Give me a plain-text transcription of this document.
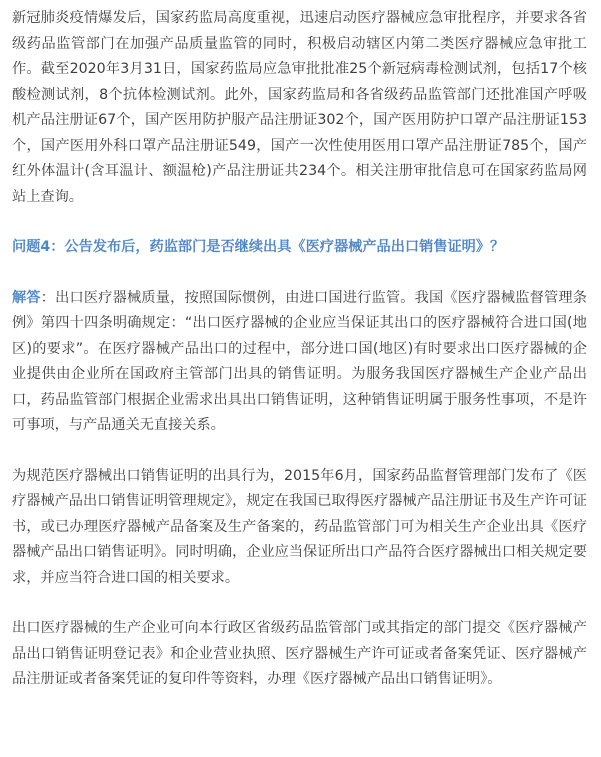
新冠肺炎疫情爆发后，国家药监局高度重视，迅速启动医疗器械应急审批程序，并要求各省级药品监管部门在加强产品质量监管的同时，积极启动辖区内第二类医疗器械应急审批工作。截至2020年3月31日，国家药监局应急审批批准25个新冠病毒检测试剂，包括17个核酸检测试剂，8个抗体检测试剂。此外，国家药监局和各省级药品监管部门还批准国产呼吸机产品注册证67个，国产医用防护服产品注册证302个，国产医用防护口罩产品注册证153个，国产医用外科口罩产品注册证549，国产一次性使用医用口罩产品注册证785个，国产红外体温计(含耳温计、额温枪)产品注册证共234个。相关注册审批信息可在国家药监局网站上查询。

问题4：公告发布后，药监部门是否继续出具《医疗器械产品出口销售证明》？

解答：出口医疗器械质量，按照国际惯例，由进口国进行监管。我国《医疗器械监督管理条例》第四十四条明确规定：“出口医疗器械的企业应当保证其出口的医疗器械符合进口国(地区)的要求”。在医疗器械产品出口的过程中，部分进口国(地区)有时要求出口医疗器械的企业提供由企业所在国政府主管部门出具的销售证明。为服务我国医疗器械生产企业产品出口，药品监管部门根据企业需求出具出口销售证明，这种销售证明属于服务性事项，不是许可事项，与产品通关无直接关系。

为规范医疗器械出口销售证明的出具行为，2015年6月，国家药品监督管理部门发布了《医疗器械产品出口销售证明管理规定》，规定在我国已取得医疗器械产品注册证书及生产许可证书，或已办理医疗器械产品备案及生产备案的，药品监管部门可为相关生产企业出具《医疗器械产品出口销售证明》。同时明确，企业应当保证所出口产品符合医疗器械出口相关规定要求，并应当符合进口国的相关要求。

出口医疗器械的生产企业可向本行政区省级药品监管部门或其指定的部门提交《医疗器械产品出口销售证明登记表》和企业营业执照、医疗器械生产许可证或者备案凭证、医疗器械产品注册证或者备案凭证的复印件等资料，办理《医疗器械产品出口销售证明》。
